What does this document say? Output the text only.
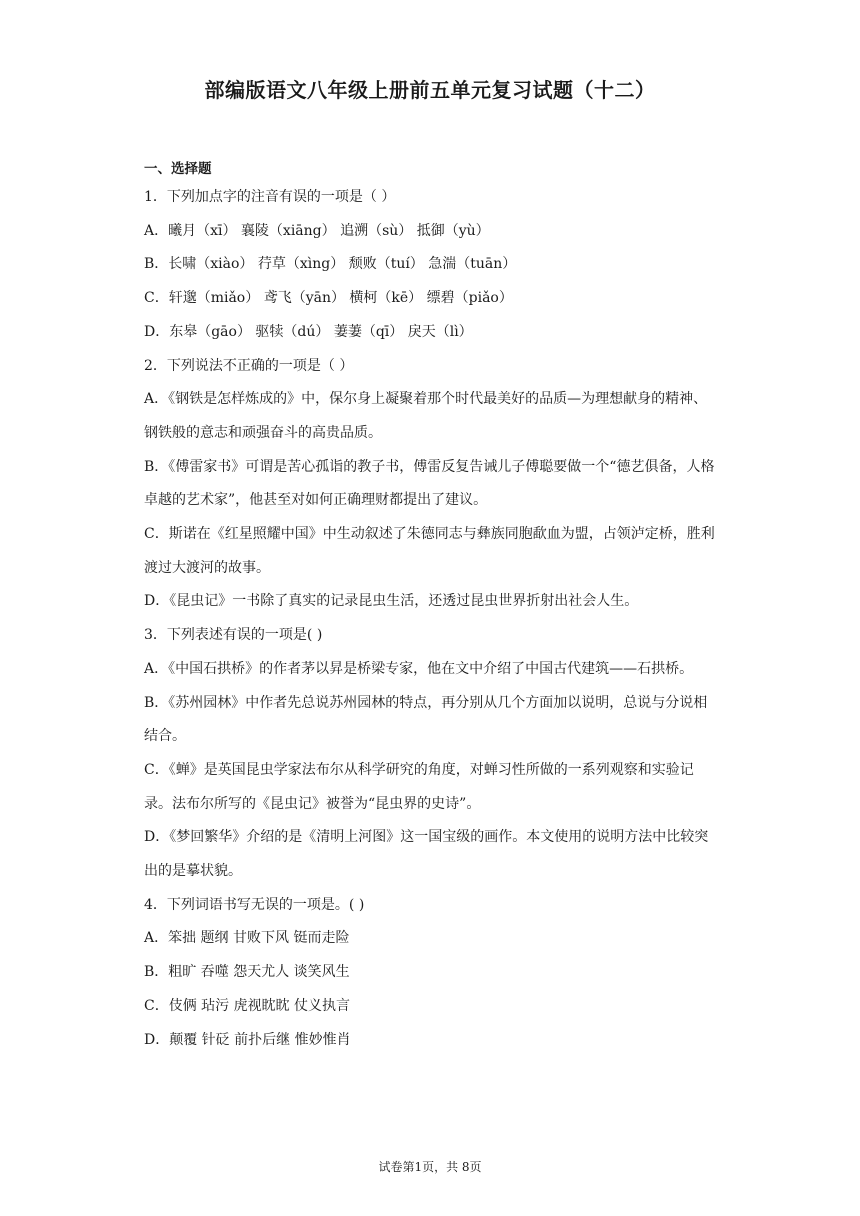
部编版语文八年级上册前五单元复习试题（十二）
一、选择题
1．下列加点字的注音有误的一项是（ ）
A．曦月（xī） 襄陵（xiāng） 追溯（sù） 抵御（yù）
B．长啸（xiào） 荇草（xìng） 颓败（tuí） 急湍（tuān）
C．轩邈（miǎo） 鸢飞（yān） 横柯（kē） 缥碧（piǎo）
D．东皋（gāo） 驱犊（dú） 萋萋（qī） 戾天（lì）
2．下列说法不正确的一项是（ ）
A．《钢铁是怎样炼成的》中，保尔身上凝聚着那个时代最美好的品质—为理想献身的精神、钢铁般的意志和顽强奋斗的高贵品质。
B．《傅雷家书》可谓是苦心孤诣的教子书，傅雷反复告诫儿子傅聪要做一个“德艺俱备，人格卓越的艺术家”，他甚至对如何正确理财都提出了建议。
C．斯诺在《红星照耀中国》中生动叙述了朱德同志与彝族同胞歃血为盟，占领泸定桥，胜利渡过大渡河的故事。
D．《昆虫记》一书除了真实的记录昆虫生活，还透过昆虫世界折射出社会人生。
3．下列表述有误的一项是( )
A．《中国石拱桥》的作者茅以昇是桥梁专家，他在文中介绍了中国古代建筑——石拱桥。
B．《苏州园林》中作者先总说苏州园林的特点，再分别从几个方面加以说明，总说与分说相结合。
C．《蝉》是英国昆虫学家法布尔从科学研究的角度，对蝉习性所做的一系列观察和实验记录。法布尔所写的《昆虫记》被誉为“昆虫界的史诗”。
D．《梦回繁华》介绍的是《清明上河图》这一国宝级的画作。本文使用的说明方法中比较突出的是摹状貌。
4．下列词语书写无误的一项是。( )
A．笨拙 题纲 甘败下风 铤而走险
B．粗旷 吞噬 怨天尤人 谈笑风生
C．伎俩 玷污 虎视眈眈 仗义执言
D．颠覆 针砭 前扑后继 惟妙惟肖
试卷第1页，共 8页
